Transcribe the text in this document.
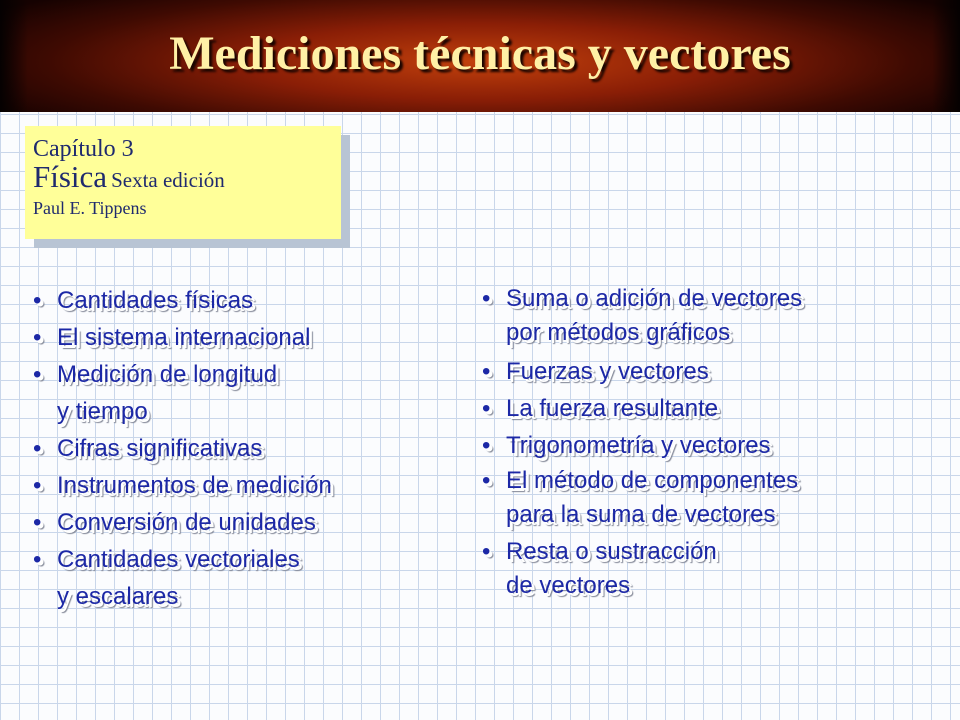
Mediciones técnicas y vectores
Capítulo 3
Física Sexta edición
Paul E. Tippens
• Cantidades físicas
• El sistema internacional
• Medición de longitud
y tiempo
• Cifras significativas
• Instrumentos de medición
• Conversión de unidades
• Cantidades vectoriales
y escalares
• Suma o adición de vectores
por métodos gráficos
• Fuerzas y vectores
• La fuerza resultante
• Trigonometría y vectores
• El método de componentes
para la suma de vectores
• Resta o sustracción
de vectores
